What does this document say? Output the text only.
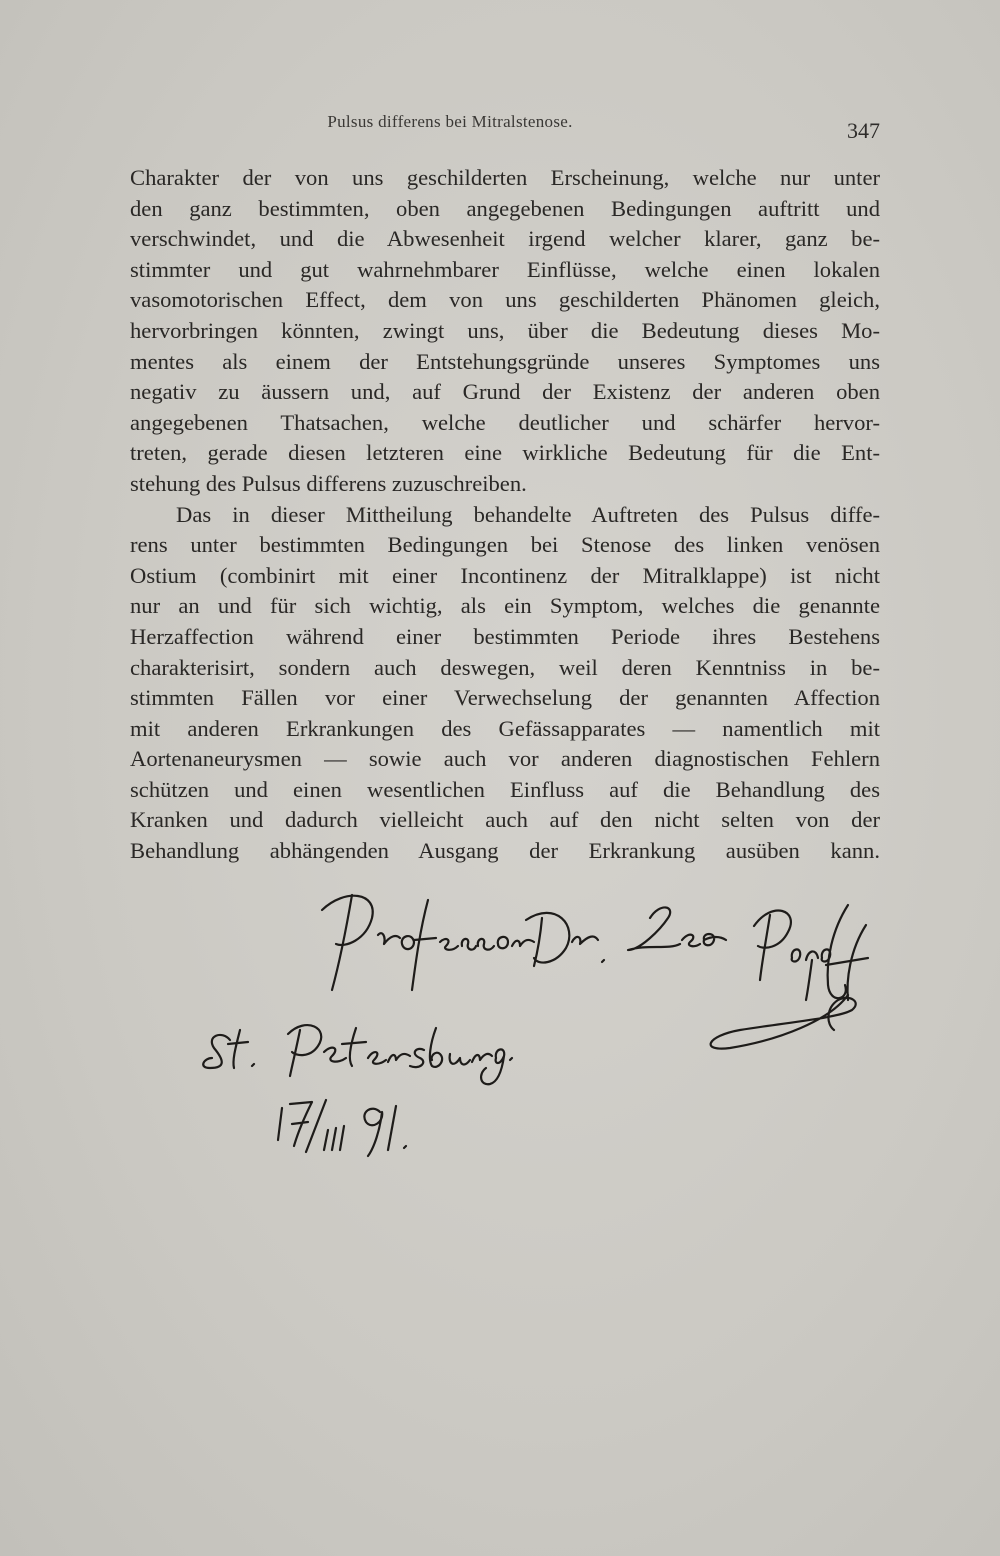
Pulsus differens bei Mitralstenose.	347
Charakter der von uns geschilderten Erscheinung, welche nur unter
den ganz bestimmten, oben angegebenen Bedingungen auftritt und
verschwindet, und die Abwesenheit irgend welcher klarer, ganz be-
stimmter und gut wahrnehmbarer Einflüsse, welche einen lokalen
vasomotorischen Effect, dem von uns geschilderten Phänomen gleich,
hervorbringen könnten, zwingt uns, über die Bedeutung dieses Mo-
mentes als einem der Entstehungsgründe unseres Symptomes uns
negativ zu äussern und, auf Grund der Existenz der anderen oben
angegebenen Thatsachen, welche deutlicher und schärfer hervor-
treten, gerade diesen letzteren eine wirkliche Bedeutung für die Ent-
stehung des Pulsus differens zuzuschreiben.
Das in dieser Mittheilung behandelte Auftreten des Pulsus diffe-
rens unter bestimmten Bedingungen bei Stenose des linken venösen
Ostium (combinirt mit einer Incontinenz der Mitralklappe) ist nicht
nur an und für sich wichtig, als ein Symptom, welches die genannte
Herzaffection während einer bestimmten Periode ihres Bestehens
charakterisirt, sondern auch deswegen, weil deren Kenntniss in be-
stimmten Fällen vor einer Verwechselung der genannten Affection
mit anderen Erkrankungen des Gefässapparates — namentlich mit
Aortenaneurysmen — sowie auch vor anderen diagnostischen Fehlern
schützen und einen wesentlichen Einfluss auf die Behandlung des
Kranken und dadurch vielleicht auch auf den nicht selten von der
Behandlung abhängenden Ausgang der Erkrankung ausüben kann.
